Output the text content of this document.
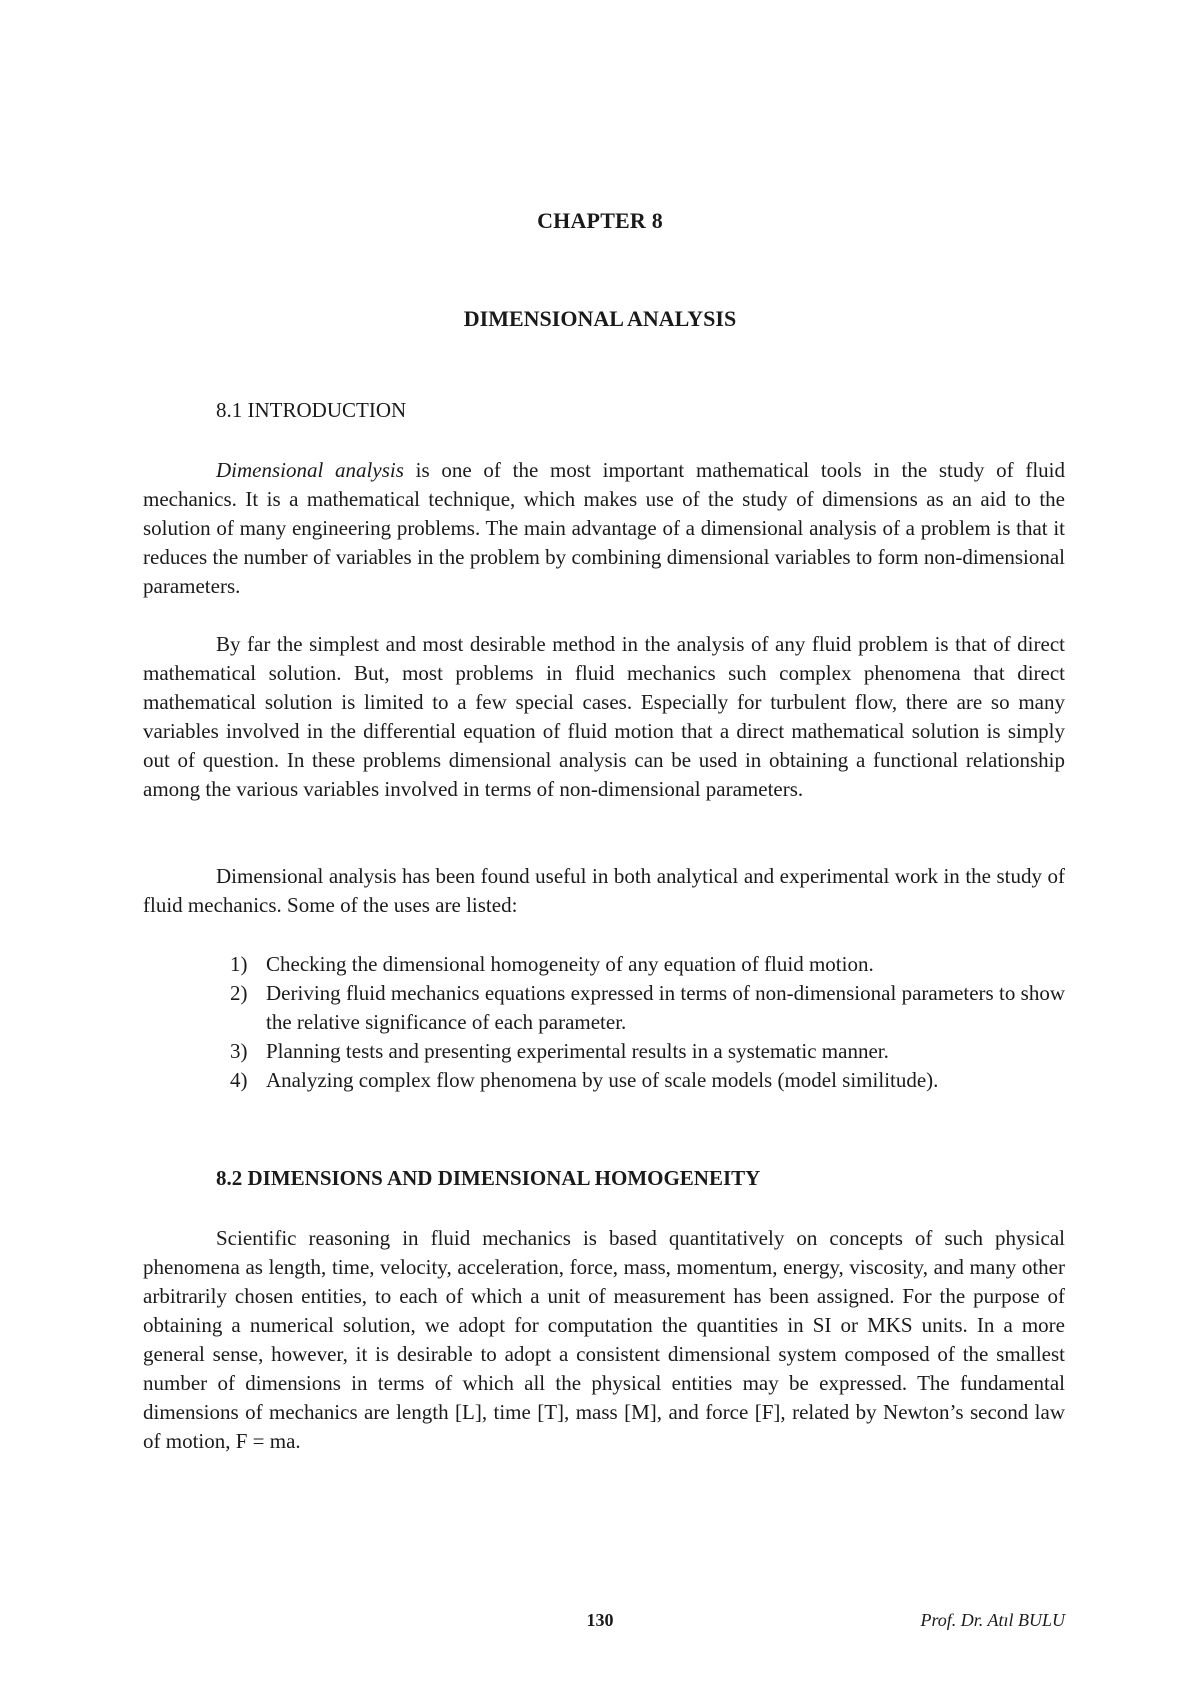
CHAPTER 8
DIMENSIONAL ANALYSIS
8.1 INTRODUCTION

Dimensional analysis is one of the most important mathematical tools in the study of fluid mechanics. It is a mathematical technique, which makes use of the study of dimensions as an aid to the solution of many engineering problems. The main advantage of a dimensional analysis of a problem is that it reduces the number of variables in the problem by combining dimensional variables to form non-dimensional parameters.

By far the simplest and most desirable method in the analysis of any fluid problem is that of direct mathematical solution. But, most problems in fluid mechanics such complex phenomena that direct mathematical solution is limited to a few special cases. Especially for turbulent flow, there are so many variables involved in the differential equation of fluid motion that a direct mathematical solution is simply out of question. In these problems dimensional analysis can be used in obtaining a functional relationship among the various variables involved in terms of non-dimensional parameters.

Dimensional analysis has been found useful in both analytical and experimental work in the study of fluid mechanics. Some of the uses are listed:

1) Checking the dimensional homogeneity of any equation of fluid motion.
2) Deriving fluid mechanics equations expressed in terms of non-dimensional parameters to show the relative significance of each parameter.
3) Planning tests and presenting experimental results in a systematic manner.
4) Analyzing complex flow phenomena by use of scale models (model similitude).
8.2 DIMENSIONS AND DIMENSIONAL HOMOGENEITY

Scientific reasoning in fluid mechanics is based quantitatively on concepts of such physical phenomena as length, time, velocity, acceleration, force, mass, momentum, energy, viscosity, and many other arbitrarily chosen entities, to each of which a unit of measurement has been assigned. For the purpose of obtaining a numerical solution, we adopt for computation the quantities in SI or MKS units. In a more general sense, however, it is desirable to adopt a consistent dimensional system composed of the smallest number of dimensions in terms of which all the physical entities may be expressed. The fundamental dimensions of mechanics are length [L], time [T], mass [M], and force [F], related by Newton’s second law of motion, F = ma.

130	Prof. Dr. Atıl BULU
